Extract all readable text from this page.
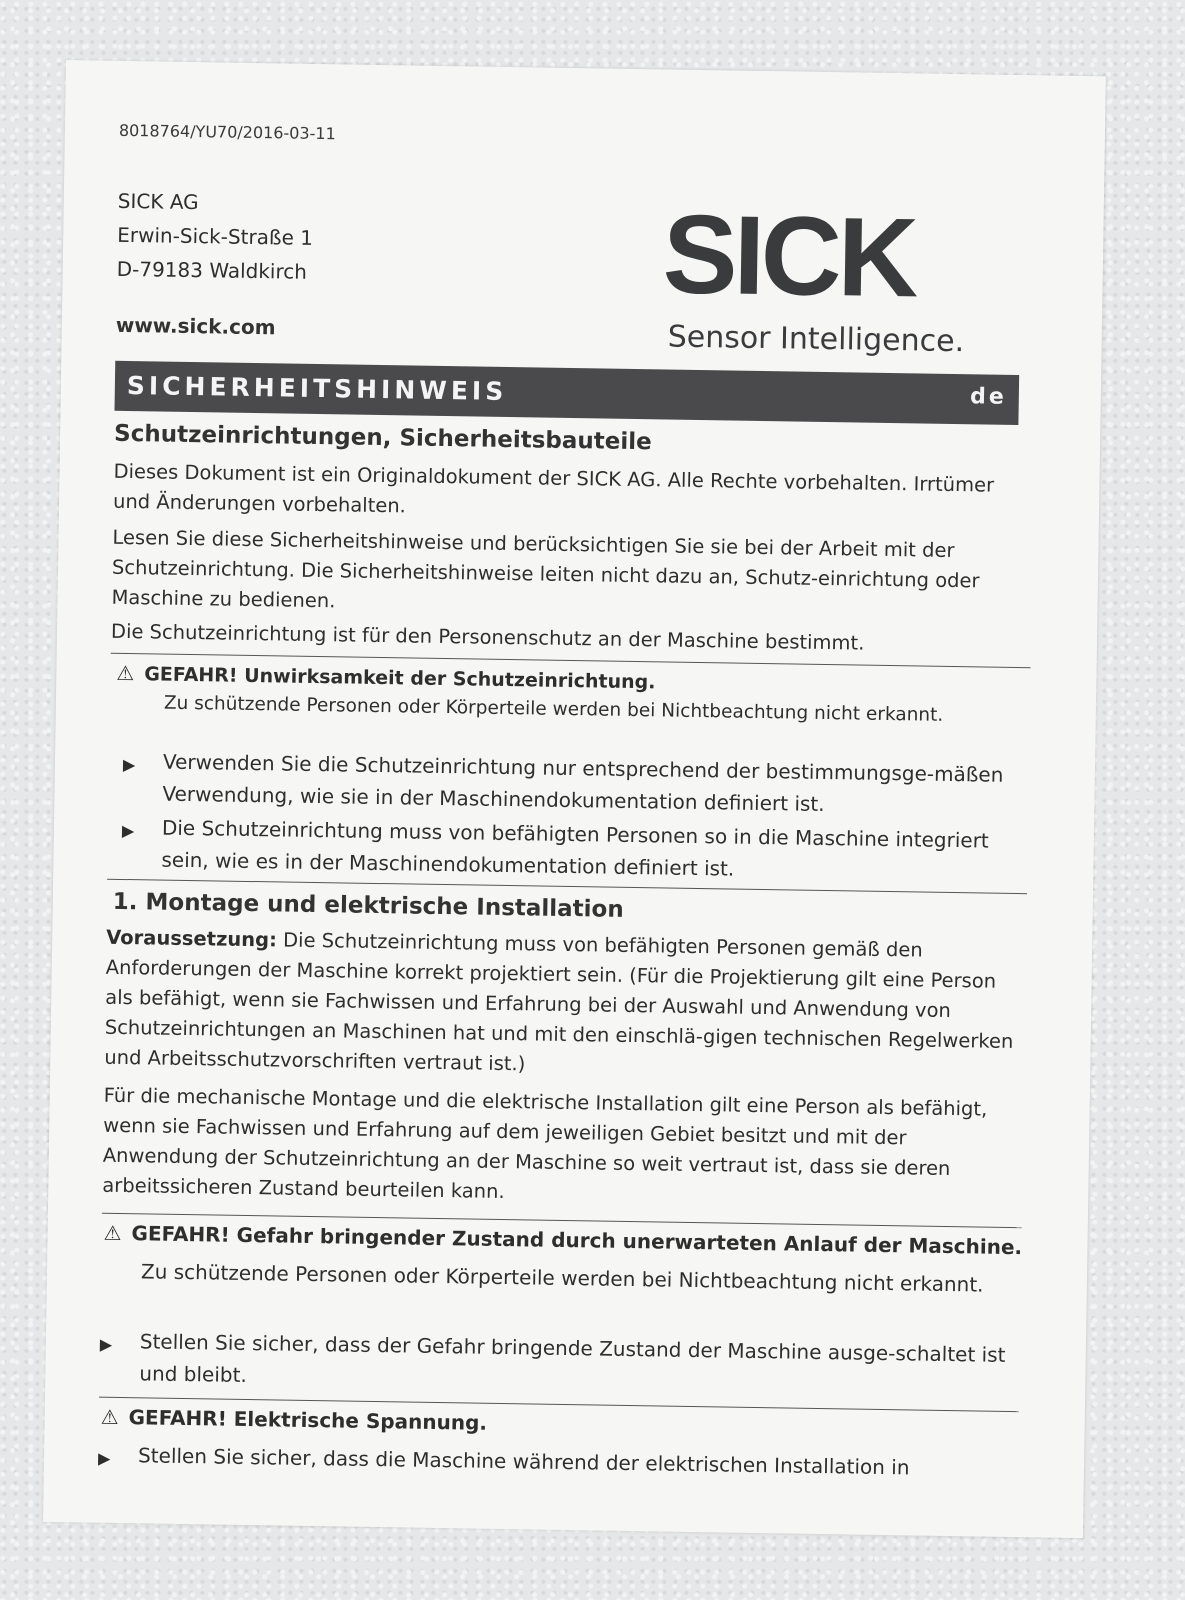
8018764/YU70/2016-03-11
SICK AG
Erwin-Sick-Straße 1
D-79183 Waldkirch
www.sick.com
SICK
Sensor Intelligence.
SICHERHEITSHINWEIS	de
Schutzeinrichtungen, Sicherheitsbauteile
Dieses Dokument ist ein Originaldokument der SICK AG. Alle Rechte vorbehalten. Irrtümer und Änderungen vorbehalten.
Lesen Sie diese Sicherheitshinweise und berücksichtigen Sie sie bei der Arbeit mit der Schutzeinrichtung. Die Sicherheitshinweise leiten nicht dazu an, Schutz-einrichtung oder Maschine zu bedienen.
Die Schutzeinrichtung ist für den Personenschutz an der Maschine bestimmt.
⚠ GEFAHR! Unwirksamkeit der Schutzeinrichtung.
Zu schützende Personen oder Körperteile werden bei Nichtbeachtung nicht erkannt.
▶ Verwenden Sie die Schutzeinrichtung nur entsprechend der bestimmungsge-mäßen Verwendung, wie sie in der Maschinendokumentation definiert ist.
▶ Die Schutzeinrichtung muss von befähigten Personen so in die Maschine integriert sein, wie es in der Maschinendokumentation definiert ist.
1. Montage und elektrische Installation
Voraussetzung: Die Schutzeinrichtung muss von befähigten Personen gemäß den Anforderungen der Maschine korrekt projektiert sein. (Für die Projektierung gilt eine Person als befähigt, wenn sie Fachwissen und Erfahrung bei der Auswahl und Anwendung von Schutzeinrichtungen an Maschinen hat und mit den einschlä-gigen technischen Regelwerken und Arbeitsschutzvorschriften vertraut ist.)
Für die mechanische Montage und die elektrische Installation gilt eine Person als befähigt, wenn sie Fachwissen und Erfahrung auf dem jeweiligen Gebiet besitzt und mit der Anwendung der Schutzeinrichtung an der Maschine so weit vertraut ist, dass sie deren arbeitssicheren Zustand beurteilen kann.
⚠ GEFAHR! Gefahr bringender Zustand durch unerwarteten Anlauf der Maschine.
Zu schützende Personen oder Körperteile werden bei Nichtbeachtung nicht erkannt.
▶ Stellen Sie sicher, dass der Gefahr bringende Zustand der Maschine ausge-schaltet ist und bleibt.
⚠ GEFAHR! Elektrische Spannung.
▶ Stellen Sie sicher, dass die Maschine während der elektrischen Installation in
